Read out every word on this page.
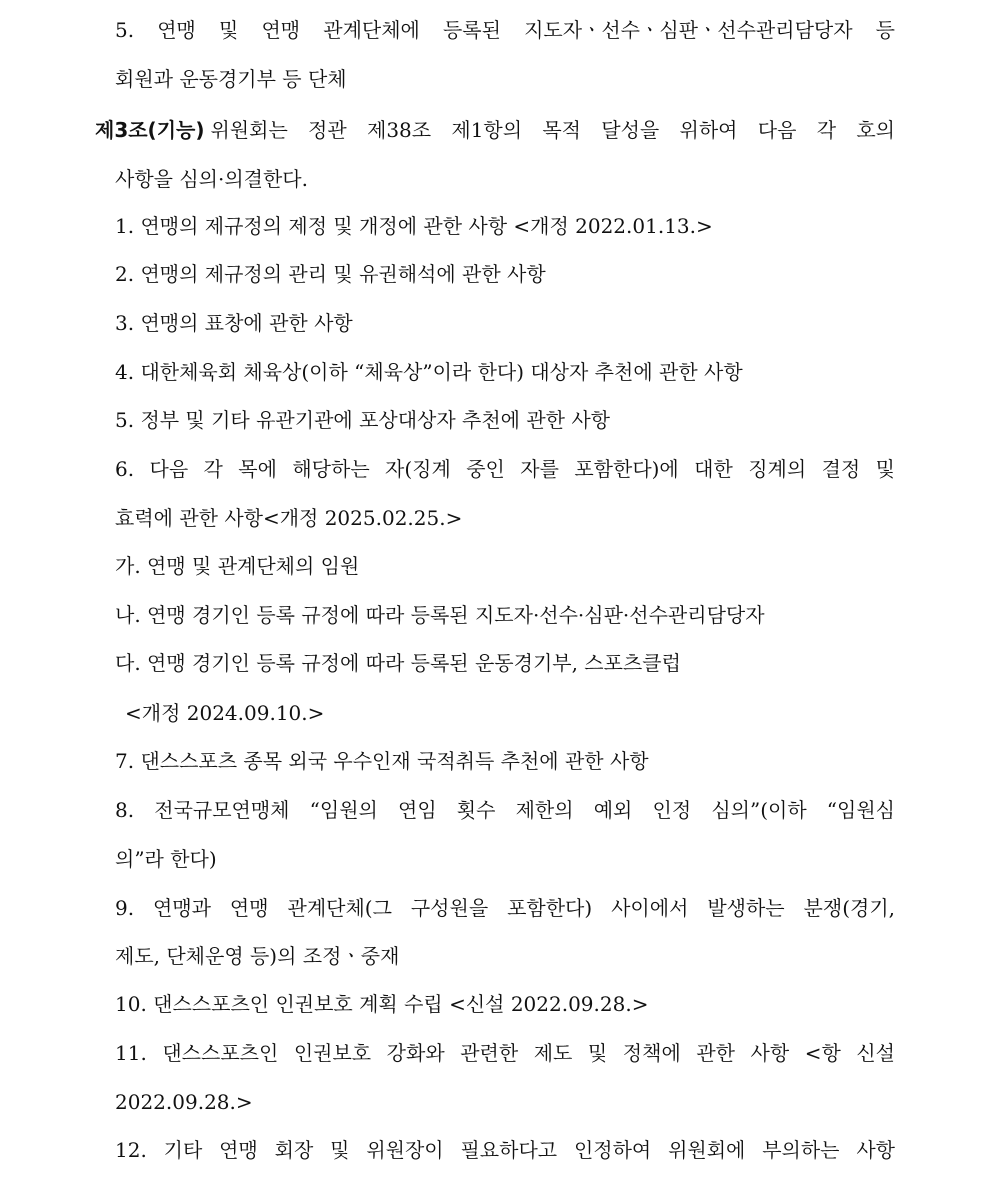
5. 연맹 및 연맹 관계단체에 등록된 지도자ㆍ선수ㆍ심판ㆍ선수관리담당자 등
회원과 운동경기부 등 단체
제3조(기능) 위원회는 정관 제38조 제1항의 목적 달성을 위하여 다음 각 호의
사항을 심의·의결한다.
1. 연맹의 제규정의 제정 및 개정에 관한 사항 <개정 2022.01.13.>
2. 연맹의 제규정의 관리 및 유권해석에 관한 사항
3. 연맹의 표창에 관한 사항
4. 대한체육회 체육상(이하 “체육상”이라 한다) 대상자 추천에 관한 사항
5. 정부 및 기타 유관기관에 포상대상자 추천에 관한 사항
6. 다음 각 목에 해당하는 자(징계 중인 자를 포함한다)에 대한 징계의 결정 및
효력에 관한 사항<개정 2025.02.25.>
가. 연맹 및 관계단체의 임원
나. 연맹 경기인 등록 규정에 따라 등록된 지도자·선수·심판·선수관리담당자
다. 연맹 경기인 등록 규정에 따라 등록된 운동경기부, 스포츠클럽
<개정 2024.09.10.>
7. 댄스스포츠 종목 외국 우수인재 국적취득 추천에 관한 사항
8. 전국규모연맹체 “임원의 연임 횟수 제한의 예외 인정 심의”(이하 “임원심
의”라 한다)
9. 연맹과 연맹 관계단체(그 구성원을 포함한다) 사이에서 발생하는 분쟁(경기,
제도, 단체운영 등)의 조정ㆍ중재
10. 댄스스포츠인 인권보호 계획 수립 <신설 2022.09.28.>
11. 댄스스포츠인 인권보호 강화와 관련한 제도 및 정책에 관한 사항 <항 신설
2022.09.28.>
12. 기타 연맹 회장 및 위원장이 필요하다고 인정하여 위원회에 부의하는 사항
